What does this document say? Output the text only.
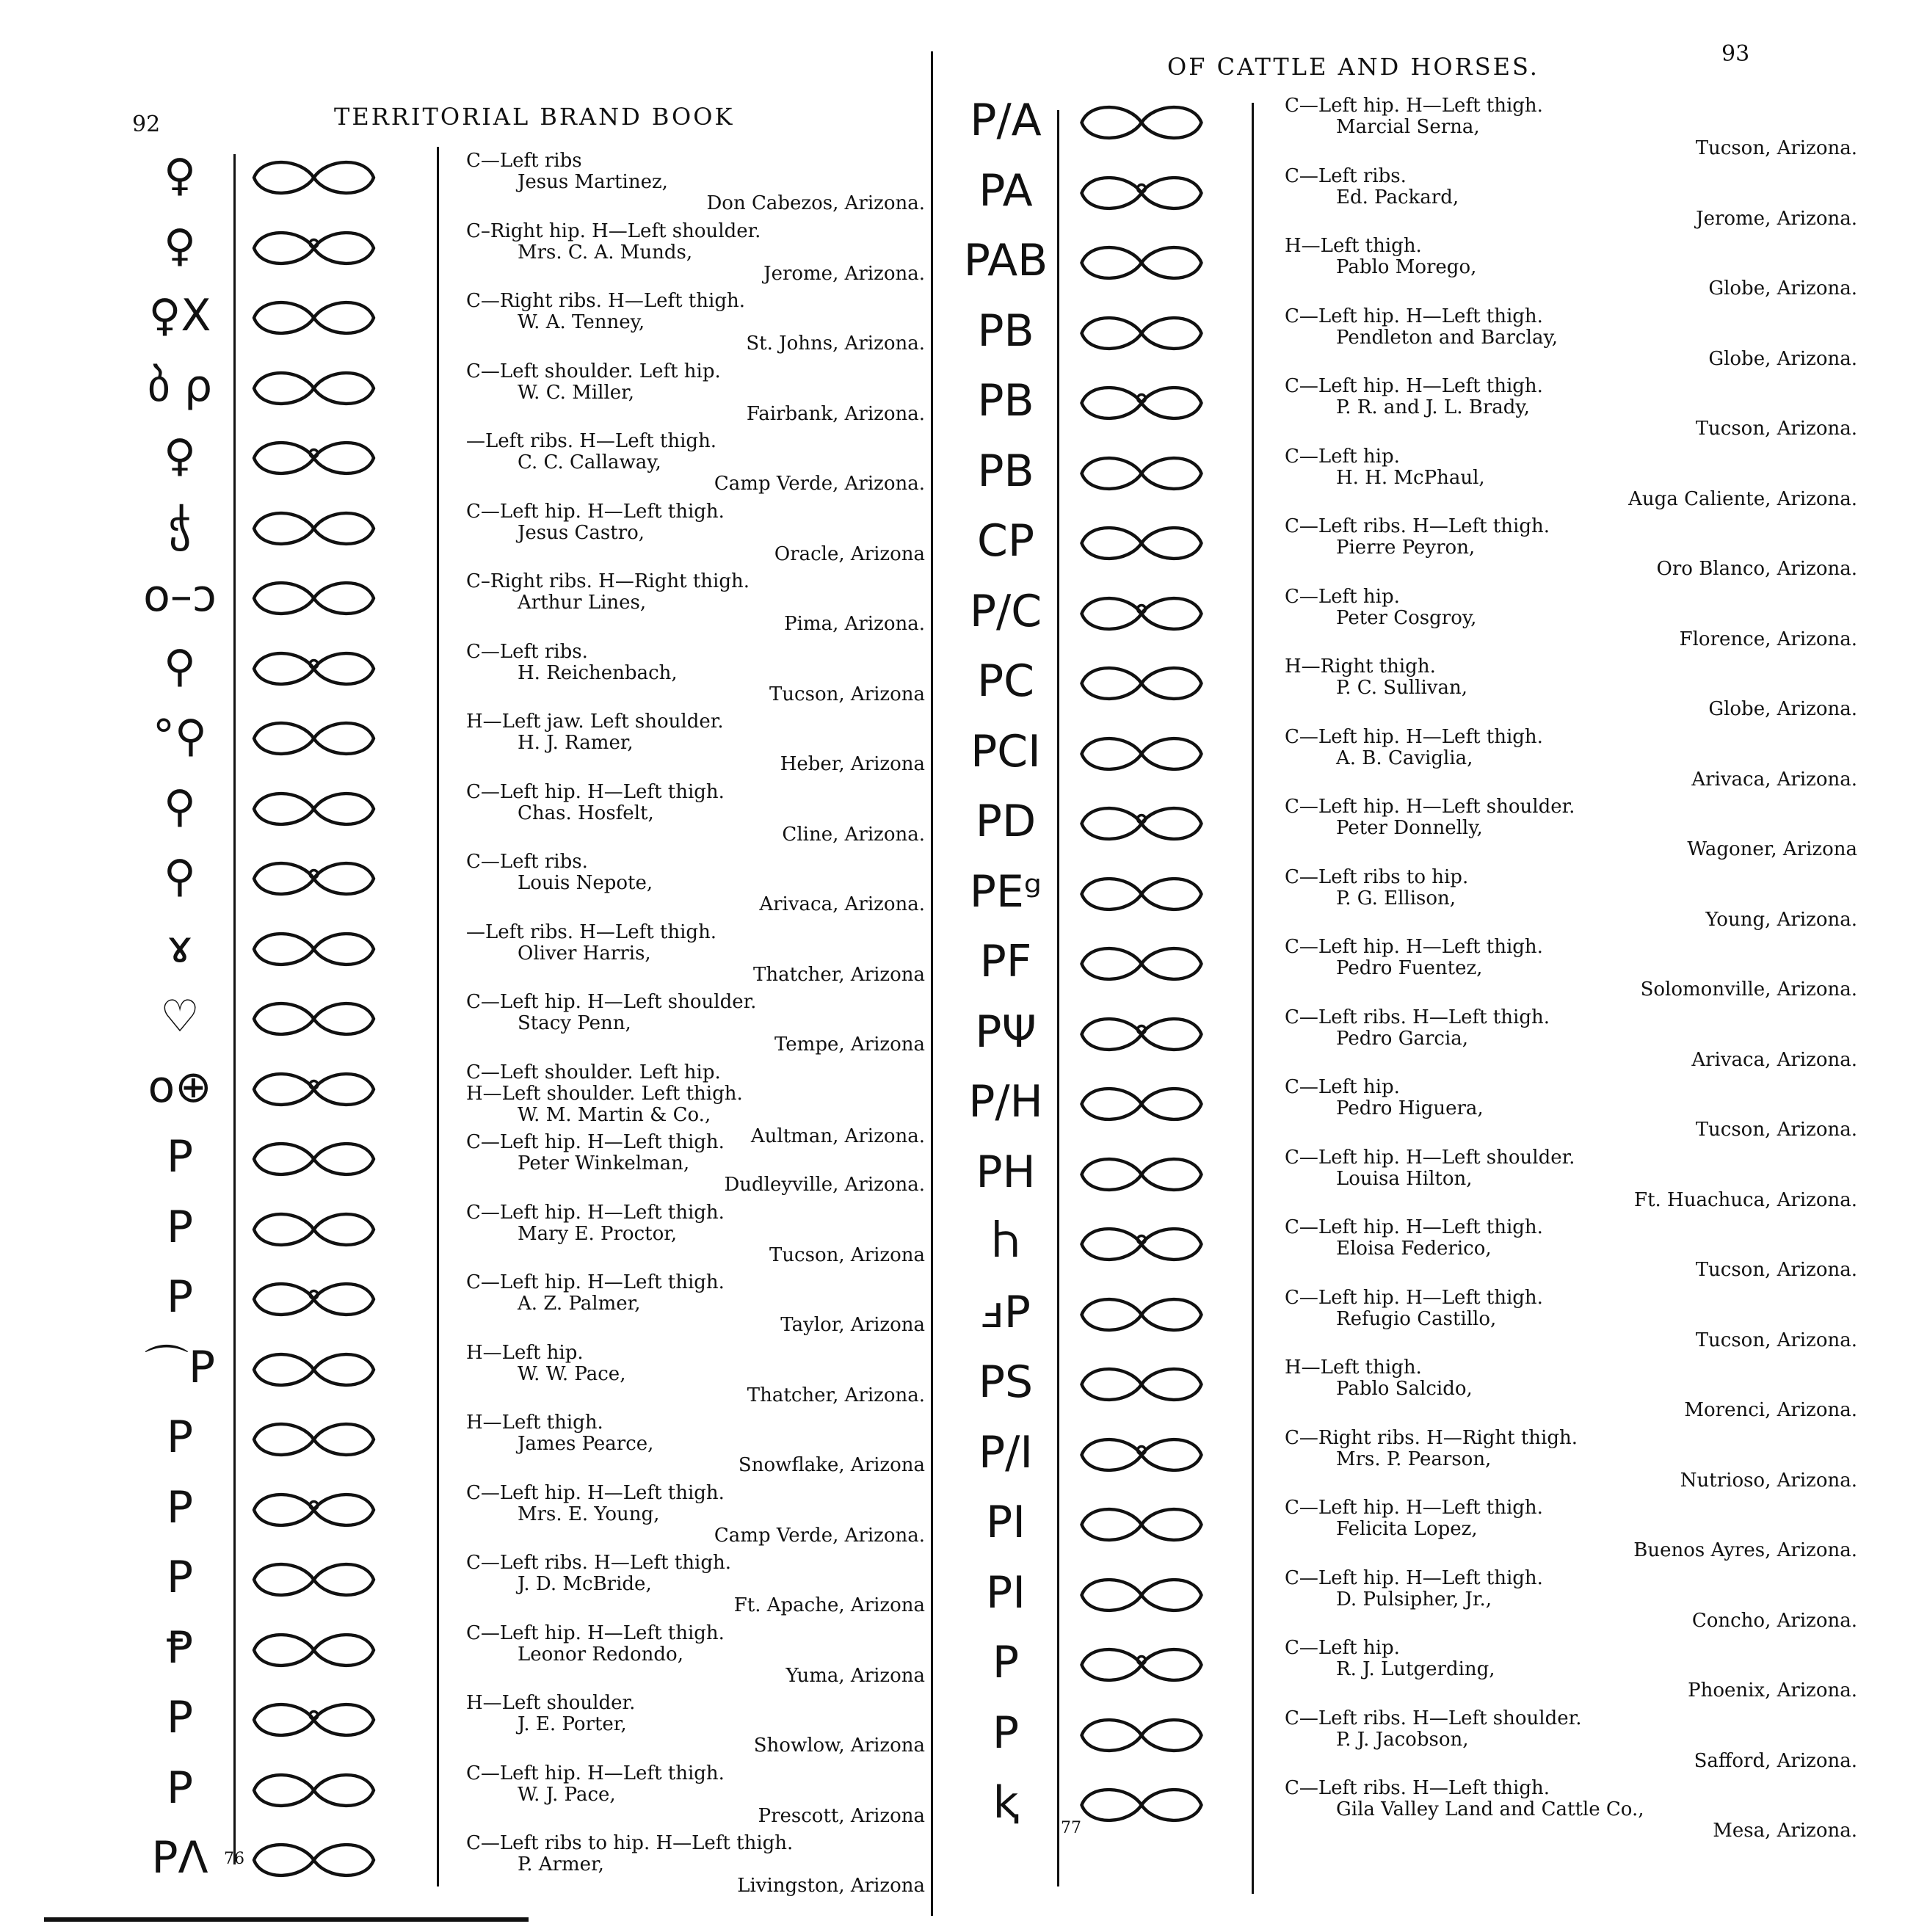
92	TERRITORIAL BRAND BOOK
♀	C—Left ribs
Jesus Martinez,
Don Cabezos, Arizona.
♀	C–Right hip. H—Left shoulder.
Mrs. C. A. Munds,
Jerome, Arizona.
♀X	C—Right ribs. H—Left thigh.
W. A. Tenney,
St. Johns, Arizona.
ბ ρ	C—Left shoulder. Left hip.
W. C. Miller,
Fairbank, Arizona.
♀	—Left ribs. H—Left thigh.
C. C. Callaway,
Camp Verde, Arizona.
ჭ	C—Left hip. H—Left thigh.
Jesus Castro,
Oracle, Arizona
o–ͻ	C–Right ribs. H—Right thigh.
Arthur Lines,
Pima, Arizona.
⚲	C—Left ribs.
H. Reichenbach,
Tucson, Arizona
°⚲	H—Left jaw. Left shoulder.
H. J. Ramer,
Heber, Arizona
⚲	C—Left hip. H—Left thigh.
Chas. Hosfelt,
Cline, Arizona.
⚲	C—Left ribs.
Louis Nepote,
Arivaca, Arizona.
ɤ	—Left ribs. H—Left thigh.
Oliver Harris,
Thatcher, Arizona
♡	C—Left hip. H—Left shoulder.
Stacy Penn,
Tempe, Arizona
o⊕	C—Left shoulder. Left hip.
H—Left shoulder. Left thigh.
W. M. Martin & Co.,
Aultman, Arizona.
P	C—Left hip. H—Left thigh.
Peter Winkelman,
Dudleyville, Arizona.
P	C—Left hip. H—Left thigh.
Mary E. Proctor,
Tucson, Arizona
P	C—Left hip. H—Left thigh.
A. Z. Palmer,
Taylor, Arizona
⌒P	H—Left hip.
W. W. Pace,
Thatcher, Arizona.
P	H—Left thigh.
James Pearce,
Snowflake, Arizona
P	C—Left hip. H—Left thigh.
Mrs. E. Young,
Camp Verde, Arizona.
P	C—Left ribs. H—Left thigh.
J. D. McBride,
Ft. Apache, Arizona
Ᵽ	C—Left hip. H—Left thigh.
Leonor Redondo,
Yuma, Arizona
P	H—Left shoulder.
J. E. Porter,
Showlow, Arizona
P	C—Left hip. H—Left thigh.
W. J. Pace,
Prescott, Arizona
PΛ	C—Left ribs to hip. H—Left thigh.
P. Armer,
Livingston, Arizona
76
OF CATTLE AND HORSES.	93
P/A	C—Left hip. H—Left thigh.
Marcial Serna,
Tucson, Arizona.
PA	C—Left ribs.
Ed. Packard,
Jerome, Arizona.
PAB	H—Left thigh.
Pablo Morego,
Globe, Arizona.
PB	C—Left hip. H—Left thigh.
Pendleton and Barclay,
Globe, Arizona.
PB	C—Left hip. H—Left thigh.
P. R. and J. L. Brady,
Tucson, Arizona.
PB	C—Left hip.
H. H. McPhaul,
Auga Caliente, Arizona.
CP	C—Left ribs. H—Left thigh.
Pierre Peyron,
Oro Blanco, Arizona.
P/C	C—Left hip.
Peter Cosgroy,
Florence, Arizona.
PC	H—Right thigh.
P. C. Sullivan,
Globe, Arizona.
PCI	C—Left hip. H—Left thigh.
A. B. Caviglia,
Arivaca, Arizona.
PD	C—Left hip. H—Left shoulder.
Peter Donnelly,
Wagoner, Arizona
PEᵍ	C—Left ribs to hip.
P. G. Ellison,
Young, Arizona.
PF	C—Left hip. H—Left thigh.
Pedro Fuentez,
Solomonville, Arizona.
PΨ	C—Left ribs. H—Left thigh.
Pedro Garcia,
Arivaca, Arizona.
P/H	C—Left hip.
Pedro Higuera,
Tucson, Arizona.
PH	C—Left hip. H—Left shoulder.
Louisa Hilton,
Ft. Huachuca, Arizona.
Ⴙ	C—Left hip. H—Left thigh.
Eloisa Federico,
Tucson, Arizona.
ⅎP	C—Left hip. H—Left thigh.
Refugio Castillo,
Tucson, Arizona.
PS	H—Left thigh.
Pablo Salcido,
Morenci, Arizona.
P/I	C—Right ribs. H—Right thigh.
Mrs. P. Pearson,
Nutrioso, Arizona.
PI	C—Left hip. H—Left thigh.
Felicita Lopez,
Buenos Ayres, Arizona.
PI	C—Left hip. H—Left thigh.
D. Pulsipher, Jr.,
Concho, Arizona.
P	C—Left hip.
R. J. Lutgerding,
Phoenix, Arizona.
P	C—Left ribs. H—Left shoulder.
P. J. Jacobson,
Safford, Arizona.
ⱪ	C—Left ribs. H—Left thigh.
Gila Valley Land and Cattle Co.,
Mesa, Arizona.
77
